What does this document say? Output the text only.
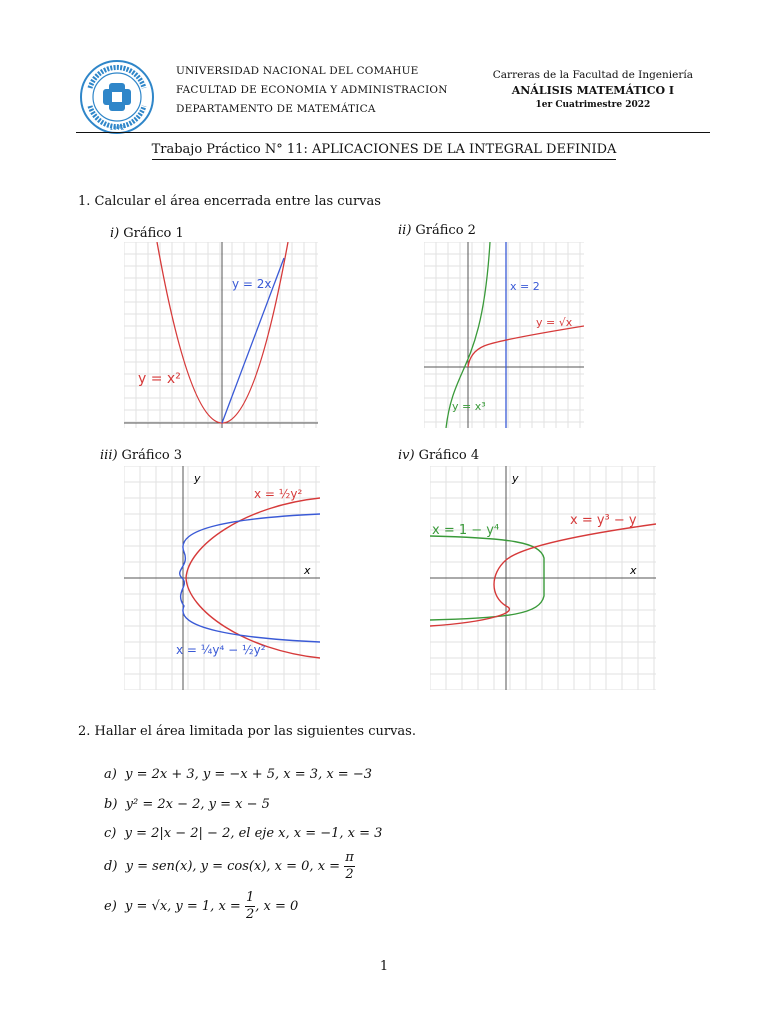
1972
UNIVERSIDAD NACIONAL DEL COMAHUE
FACULTAD DE ECONOMIA Y ADMINISTRACION
DEPARTAMENTO DE MATEMÁTICA
Carreras de la Facultad de Ingeniería
ANÁLISIS MATEMÁTICO I
1er Cuatrimestre 2022
Trabajo Práctico N° 11: APLICACIONES DE LA INTEGRAL DEFINIDA
1. Calcular el área encerrada entre las curvas
i) Gráfico 1	ii) Gráfico 2
iii) Gráfico 3	iv) Gráfico 4
y = 2x
y = x²
x = 2
y = √x
y = x³
x = ½y²
x = ¼y⁴ − ½y²
y
x
x = 1 − y⁴
x = y³ − y
y
x
2. Hallar el área limitada por las siguientes curvas.
a) y = 2x + 3, y = −x + 5, x = 3, x = −3
b) y² = 2x − 2, y = x − 5
c) y = 2|x − 2| − 2, el eje x, x = −1, x = 3
d) y = sen(x), y = cos(x), x = 0, $x = \frac{\pi}{2}$
e) y = √x, y = 1, $x = \frac{1}{2}$ , x = 0
1
